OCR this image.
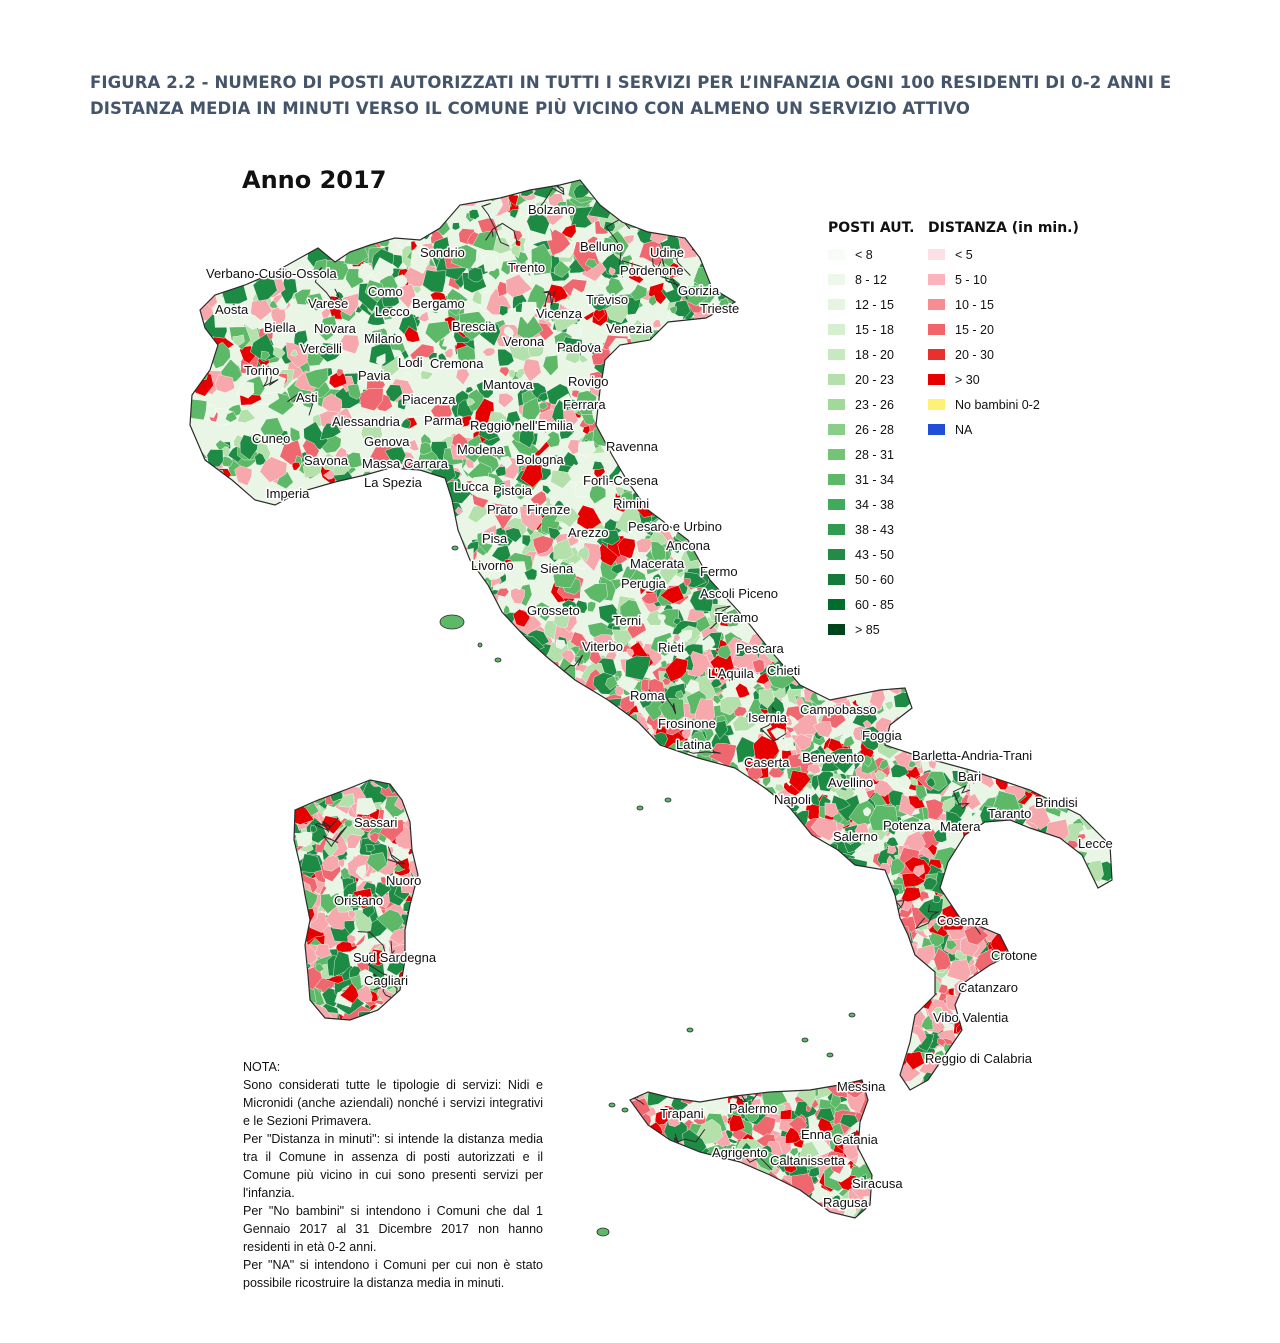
FIGURA 2.2 - NUMERO DI POSTI AUTORIZZATI IN TUTTI I SERVIZI PER L’INFANZIA OGNI 100 RESIDENTI DI 0-2 ANNI E DISTANZA MEDIA IN MINUTI VERSO IL COMUNE PIÙ VICINO CON ALMENO UN SERVIZIO ATTIVO
Anno 2017
Bolzano
Belluno Udine
Sondrio
Trento	Pordenone
Verbano-Cusio-Ossola
Como
Bergamo
Gorizia
Treviso
Trieste
Varese
Aosta	Lecco	Vicenza
Biella Novara	Brescia	Venezia
Milano	Verona Padova
Vercelli
Lodi Cremona
Torino	Pavia
Mantova	Rovigo
Asti	Piacenza	Ferrara
Alessandria Parma Reggio nell'Emilia
Cuneo	Genova
Modena	Ravenna
Bologna
Savona Massa Carrara
Forlì-Cesena
La Spezia Lucca Pistoia
Rimini
Imperia
Prato Firenze
Pesaro e Urbino
Arezzo
Pisa	Ancona
Livorno Siena	Macerata
Perugia
Fermo
Ascoli Piceno
Grosseto	Teramo
Terni
Viterbo	Rieti	Pescara
L'Aquila Chieti
Roma
Campobasso
Isernia
Frosinone
Foggia
Latina
Barletta-Andria-Trani
Caserta Benevento
Bari
Avellino
Napoli	Brindisi
Taranto
Salerno
Potenza Matera
Lecce
Sassari
Nuoro
Oristano
Sud Sardegna
Cagliari
Cosenza
Crotone
Catanzaro
Vibo Valentia
Reggio di Calabria
Messina
Trapani Palermo
Enna Catania
Agrigento
Caltanissetta
Siracusa
Ragusa
POSTI AUT.
< 8
8 - 12
12 - 15
15 - 18
18 - 20
20 - 23
23 - 26
26 - 28
28 - 31
31 - 34
34 - 38
38 - 43
43 - 50
50 - 60
60 - 85
> 85
DISTANZA (in min.)
< 5
5 - 10
10 - 15
15 - 20
20 - 30
> 30
No bambini 0-2
NA

NOTA:

Sono considerati tutte le tipologie di servizi: Nidi e Micronidi (anche aziendali) nonché i servizi integrativi e le Sezioni Primavera.

Per "Distanza in minuti": si intende la distanza media tra il Comune in assenza di posti autorizzati e il Comune più vicino in cui sono presenti servizi per l'infanzia.

Per "No bambini" si intendono i Comuni che dal 1 Gennaio 2017 al 31 Dicembre 2017 non hanno residenti in età 0-2 anni.

Per "NA" si intendono i Comuni per cui non è stato possibile ricostruire la distanza media in minuti.
